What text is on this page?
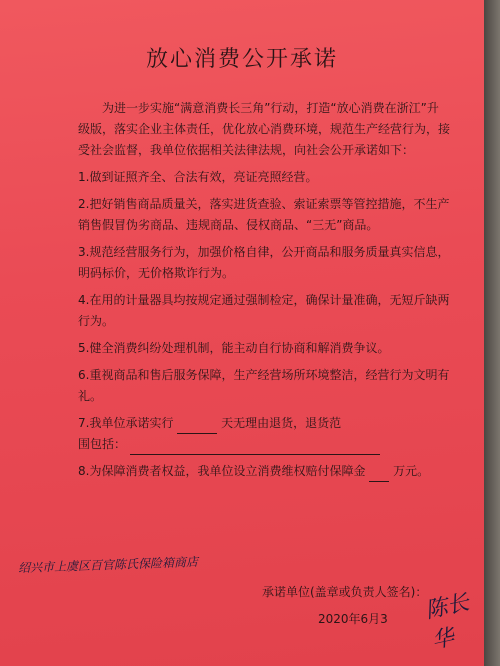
放心消费公开承诺

为进一步实施“满意消费长三角”行动，打造“放心消费在浙江”升级版，落实企业主体责任，优化放心消费环境，规范生产经营行为，接受社会监督，我单位依据相关法律法规，向社会公开承诺如下：

1.做到证照齐全、合法有效，亮证亮照经营。

2.把好销售商品质量关，落实进货查验、索证索票等管控措施，不生产销售假冒伪劣商品、违规商品、侵权商品、“三无”商品。

3.规范经营服务行为，加强价格自律，公开商品和服务质量真实信息，明码标价，无价格欺诈行为。

4.在用的计量器具均按规定通过强制检定，确保计量准确，无短斤缺两行为。

5.健全消费纠纷处理机制，能主动自行协商和解消费争议。

6.重视商品和售后服务保障，生产经营场所环境整洁，经营行为文明有礼。

7.我单位承诺实行	天无理由退货，退货范
围包括：

8.为保障消费者权益，我单位设立消费维权赔付保障金 万元。

绍兴市上虞区百官陈氏保险箱商店
承诺单位(盖章或负责人签名)：
2020年6月3 陈长华
